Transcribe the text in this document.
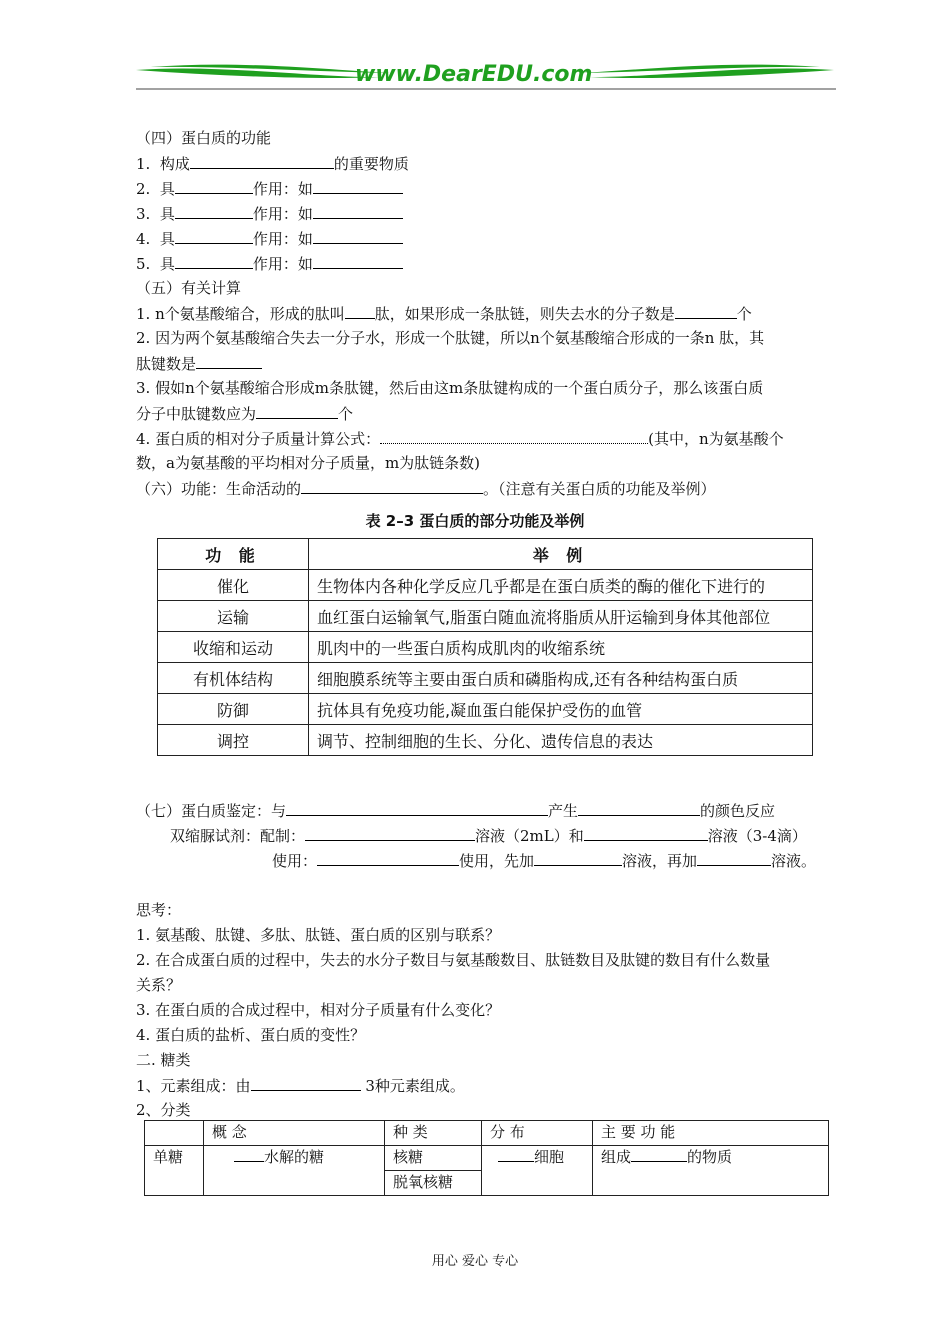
www.DearEDU.com
（四）蛋白质的功能
1. 构成	的重要物质
2. 具	作用：如
3. 具	作用：如
4. 具	作用：如
5. 具	作用：如
（五）有关计算
1. n个氨基酸缩合，形成的肽叫 肽，如果形成一条肽链，则失去水的分子数是	个
2. 因为两个氨基酸缩合失去一分子水，形成一个肽键，所以n个氨基酸缩合形成的一条n 肽，其
肽键数是
3. 假如n个氨基酸缩合形成m条肽键，然后由这m条肽键构成的一个蛋白质分子，那么该蛋白质
分子中肽键数应为	个
4. 蛋白质的相对分子质量计算公式：	(其中，n为氨基酸个
数，a为氨基酸的平均相对分子质量，m为肽链条数)
（六）功能：生命活动的	。（注意有关蛋白质的功能及举例）
表 2–3 蛋白质的部分功能及举例
功 能	举 例
催化	生物体内各种化学反应几乎都是在蛋白质类的酶的催化下进行的
运输	血红蛋白运输氧气,脂蛋白随血流将脂质从肝运输到身体其他部位
收缩和运动	肌肉中的一些蛋白质构成肌肉的收缩系统
有机体结构	细胞膜系统等主要由蛋白质和磷脂构成,还有各种结构蛋白质
防御	抗体具有免疫功能,凝血蛋白能保护受伤的血管
调控	调节、控制细胞的生长、分化、遗传信息的表达
（七）蛋白质鉴定：与	产生	的颜色反应
双缩脲试剂：配制：	溶液（2mL）和	溶液（3-4滴）
使用：	使用，先加	溶液，再加	溶液。
思考：
1. 氨基酸、肽键、多肽、肽链、蛋白质的区别与联系？
2. 在合成蛋白质的过程中，失去的水分子数目与氨基酸数目、肽链数目及肽键的数目有什么数量
关系？
3. 在蛋白质的合成过程中，相对分子质量有什么变化？
4. 蛋白质的盐析、蛋白质的变性？
二. 糖类
1、元素组成：由	3种元素组成。
2、分类
	概 念	种 类	分 布	主 要 功 能
单糖	水解的糖	核糖	细胞	组成 的物质
		脱氧核糖		
用心 爱心 专心
